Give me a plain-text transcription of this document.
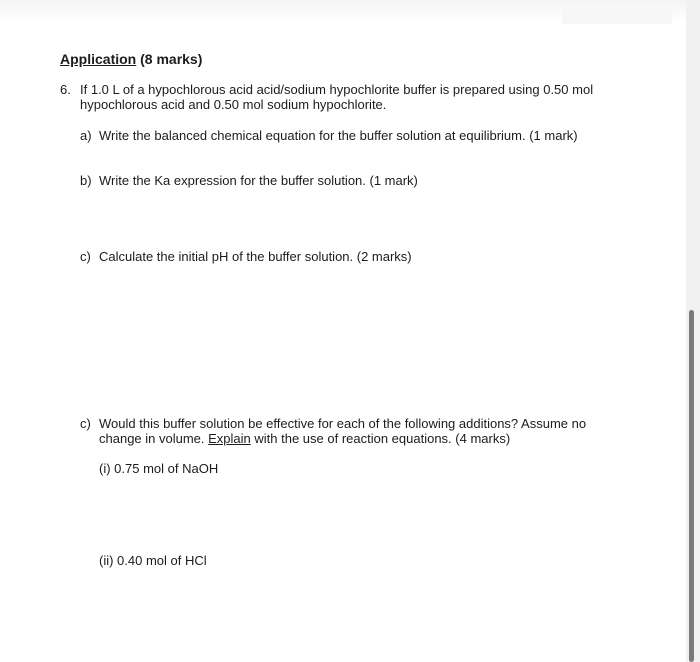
Application (8 marks)
6. If 1.0 L of a hypochlorous acid acid/sodium hypochlorite buffer is prepared using 0.50 mol
hypochlorous acid and 0.50 mol sodium hypochlorite.
a) Write the balanced chemical equation for the buffer solution at equilibrium. (1 mark)
b) Write the Ka expression for the buffer solution. (1 mark)
c) Calculate the initial pH of the buffer solution. (2 marks)
c) Would this buffer solution be effective for each of the following additions? Assume no
change in volume. Explain with the use of reaction equations. (4 marks)
(i) 0.75 mol of NaOH
(ii) 0.40 mol of HCl
